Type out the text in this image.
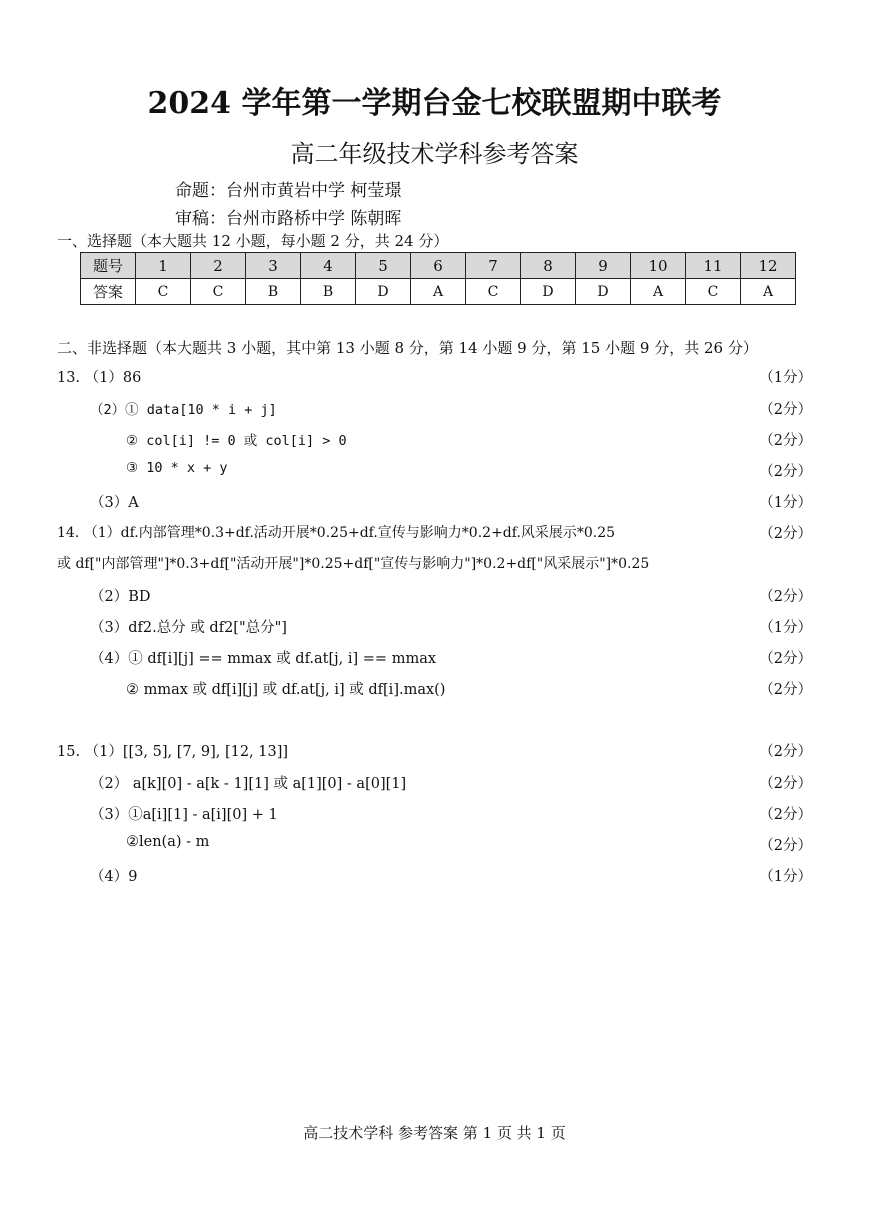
2024 学年第一学期台金七校联盟期中联考
高二年级技术学科参考答案
命题：台州市黄岩中学 柯莹璟
审稿：台州市路桥中学 陈朝晖
一、选择题（本大题共 12 小题，每小题 2 分，共 24 分）
题号	1	2	3	4	5	6	7	8	9	10	11	12
答案	C	C	B	B	D	A	C	D	D	A	C	A
二、非选择题（本大题共 3 小题，其中第 13 小题 8 分，第 14 小题 9 分，第 15 小题 9 分，共 26 分）
13. （1）86	（1分）
（2）① data[10 * i + j]	（2分）
② col[i] != 0 或 col[i] > 0	（2分）
③ 10 * x + y	（2分）
（3）A	（1分）
14. （1）df.内部管理*0.3+df.活动开展*0.25+df.宣传与影响力*0.2+df.风采展示*0.25	（2分）
或 df["内部管理"]*0.3+df["活动开展"]*0.25+df["宣传与影响力"]*0.2+df["风采展示"]*0.25
（2）BD	（2分）
（3）df2.总分 或 df2["总分"]	（1分）
（4）① df[i][j] == mmax 或 df.at[j, i] == mmax	（2分）
② mmax 或 df[i][j] 或 df.at[j, i] 或 df[i].max()	（2分）
15. （1）[[3, 5], [7, 9], [12, 13]]	（2分）
（2） a[k][0] - a[k - 1][1] 或 a[1][0] - a[0][1]	（2分）
（3）①a[i][1] - a[i][0] + 1	（2分）
②len(a) - m	（2分）
（4）9	（1分）
高二技术学科 参考答案 第 1 页 共 1 页
